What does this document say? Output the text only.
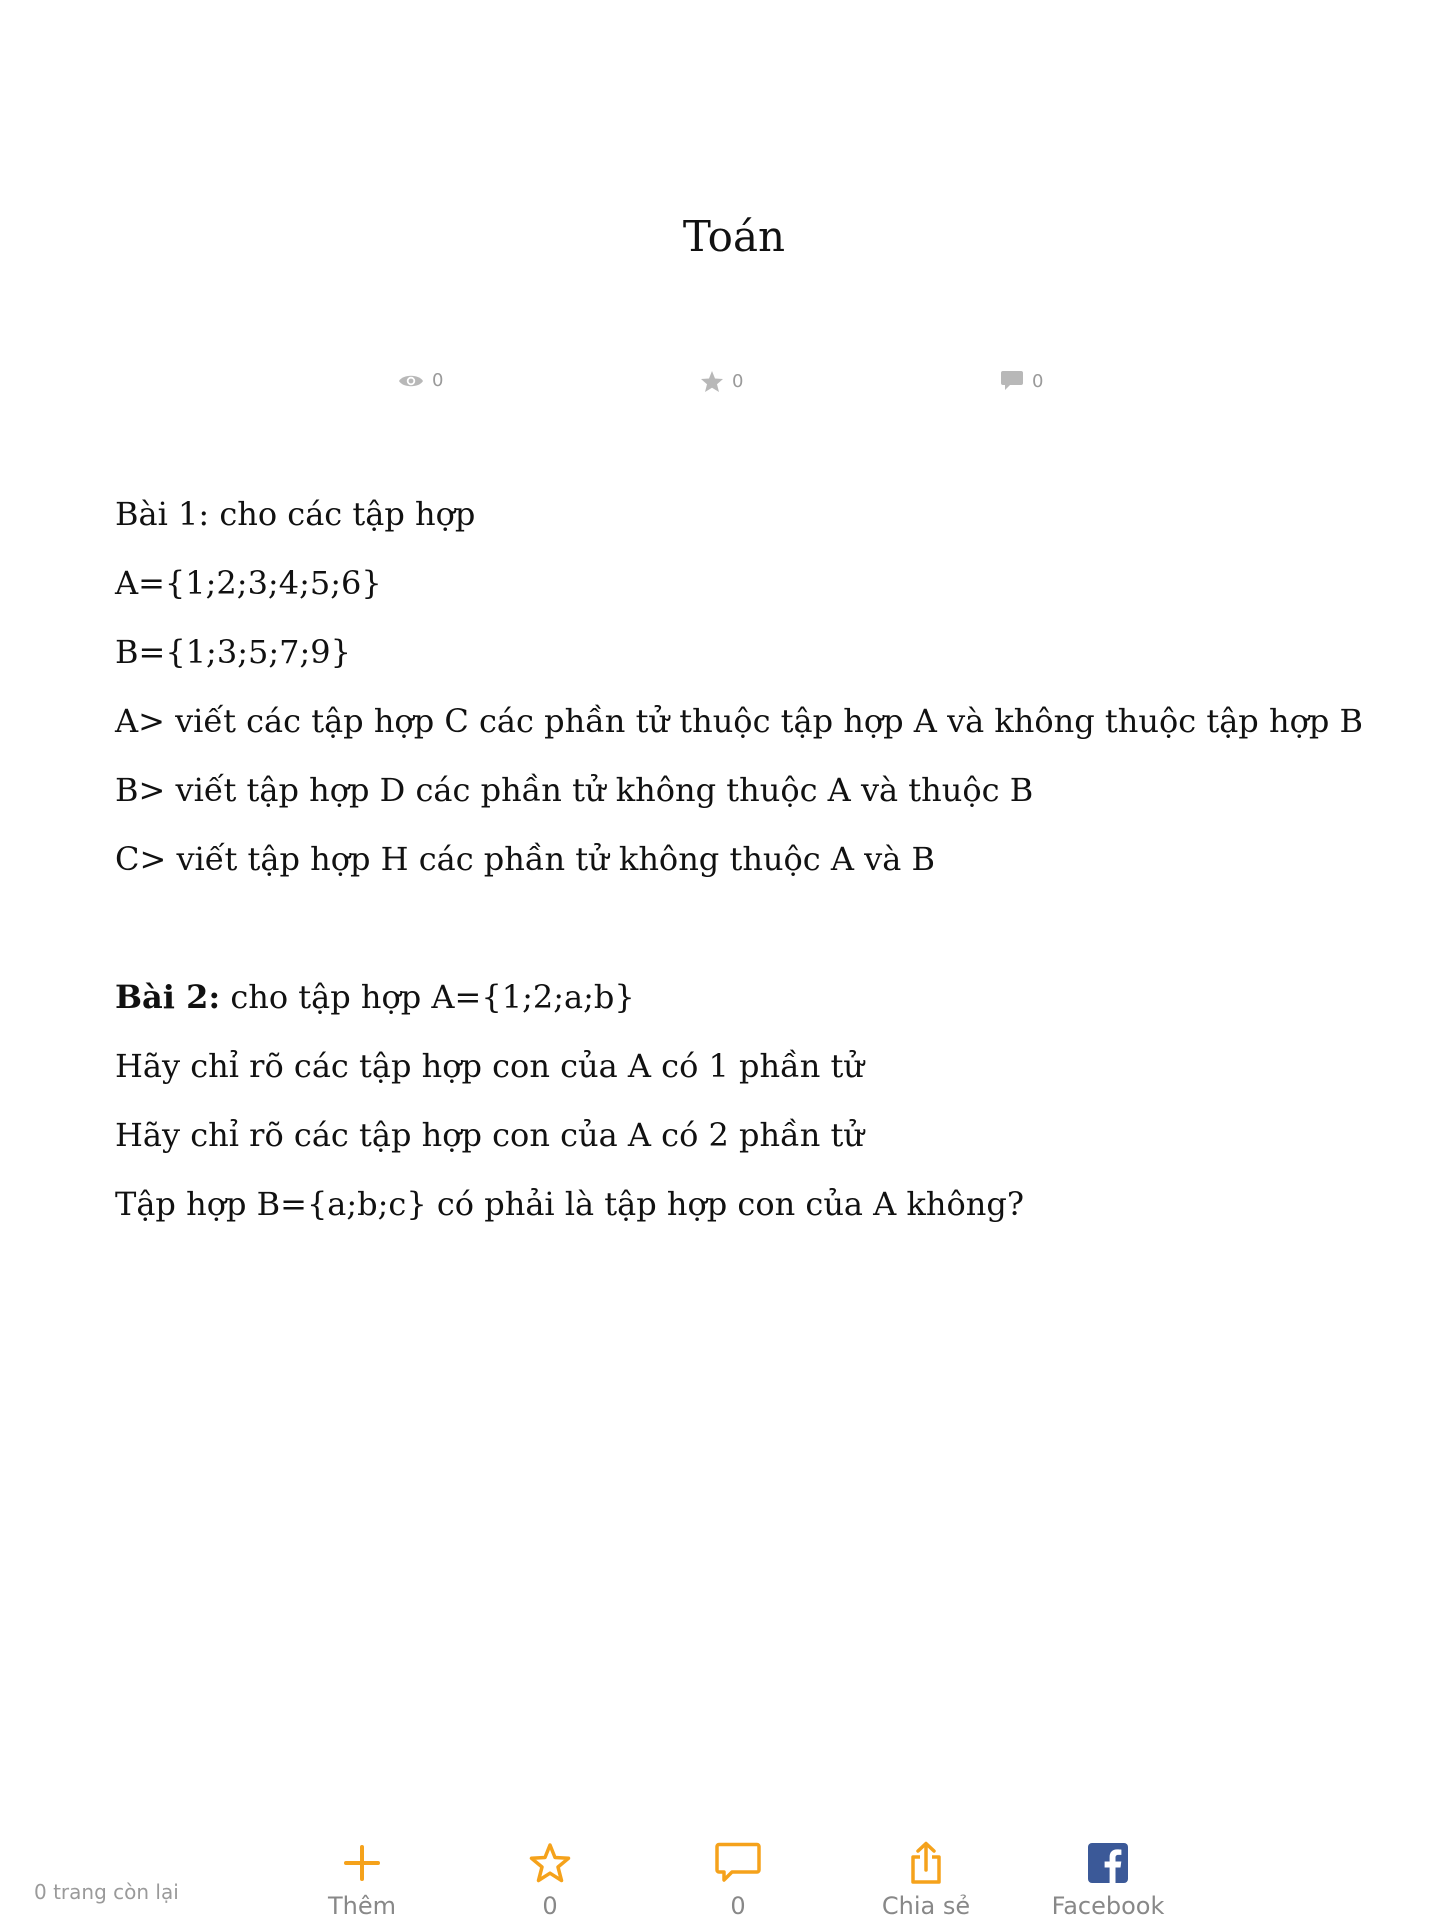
Toán
0	0	0

Bài 1: cho các tập hợp

A={1;2;3;4;5;6}

B={1;3;5;7;9}

A> viết các tập hợp C các phần tử thuộc tập hợp A và không thuộc tập hợp B

B> viết tập hợp D các phần tử không thuộc A và thuộc B

C> viết tập hợp H các phần tử không thuộc A và B

Bài 2: cho tập hợp A={1;2;a;b}

Hãy chỉ rõ các tập hợp con của A có 1 phần tử

Hãy chỉ rõ các tập hợp con của A có 2 phần tử

Tập hợp B={a;b;c} có phải là tập hợp con của A không?

0 trang còn lại	Thêm	0	0	Chia sẻ	Facebook
